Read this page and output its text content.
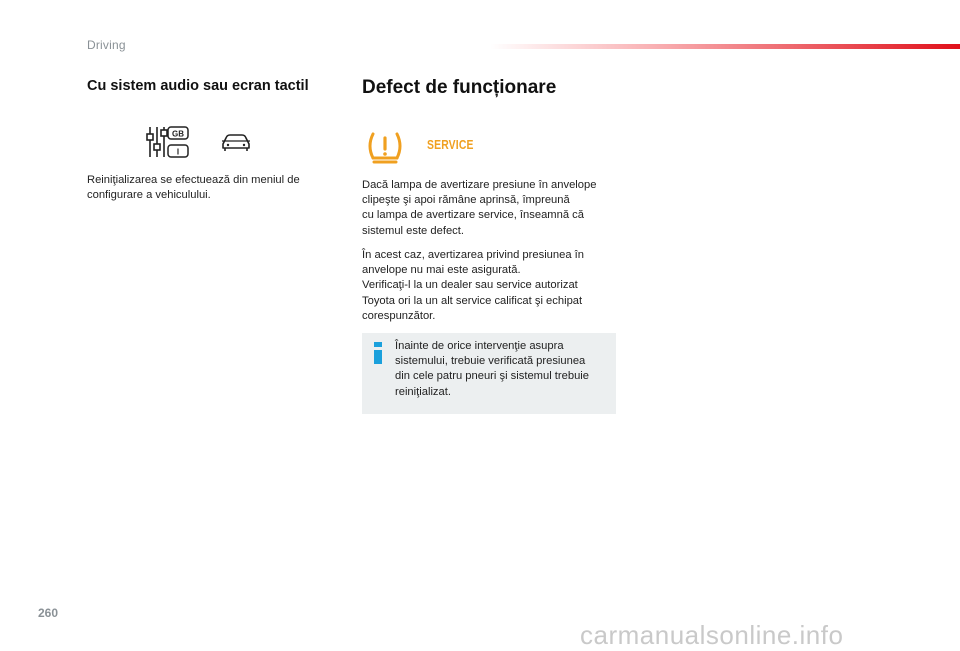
Driving
Cu sistem audio sau ecran tactil
GB
I
Reiniţializarea se efectuează din meniul de
configurare a vehiculului.
Defect de funcționare
SERVICE
Dacă lampa de avertizare presiune în anvelope
clipeşte şi apoi rămâne aprinsă, împreună
cu lampa de avertizare service, înseamnă că
sistemul este defect.
În acest caz, avertizarea privind presiunea în
anvelope nu mai este asigurată.
Verificaţi-l la un dealer sau service autorizat
Toyota ori la un alt service calificat şi echipat
corespunzător.
Înainte de orice intervenţie asupra
sistemului, trebuie verificată presiunea
din cele patru pneuri şi sistemul trebuie
reiniţializat.
260
carmanualsonline.info
